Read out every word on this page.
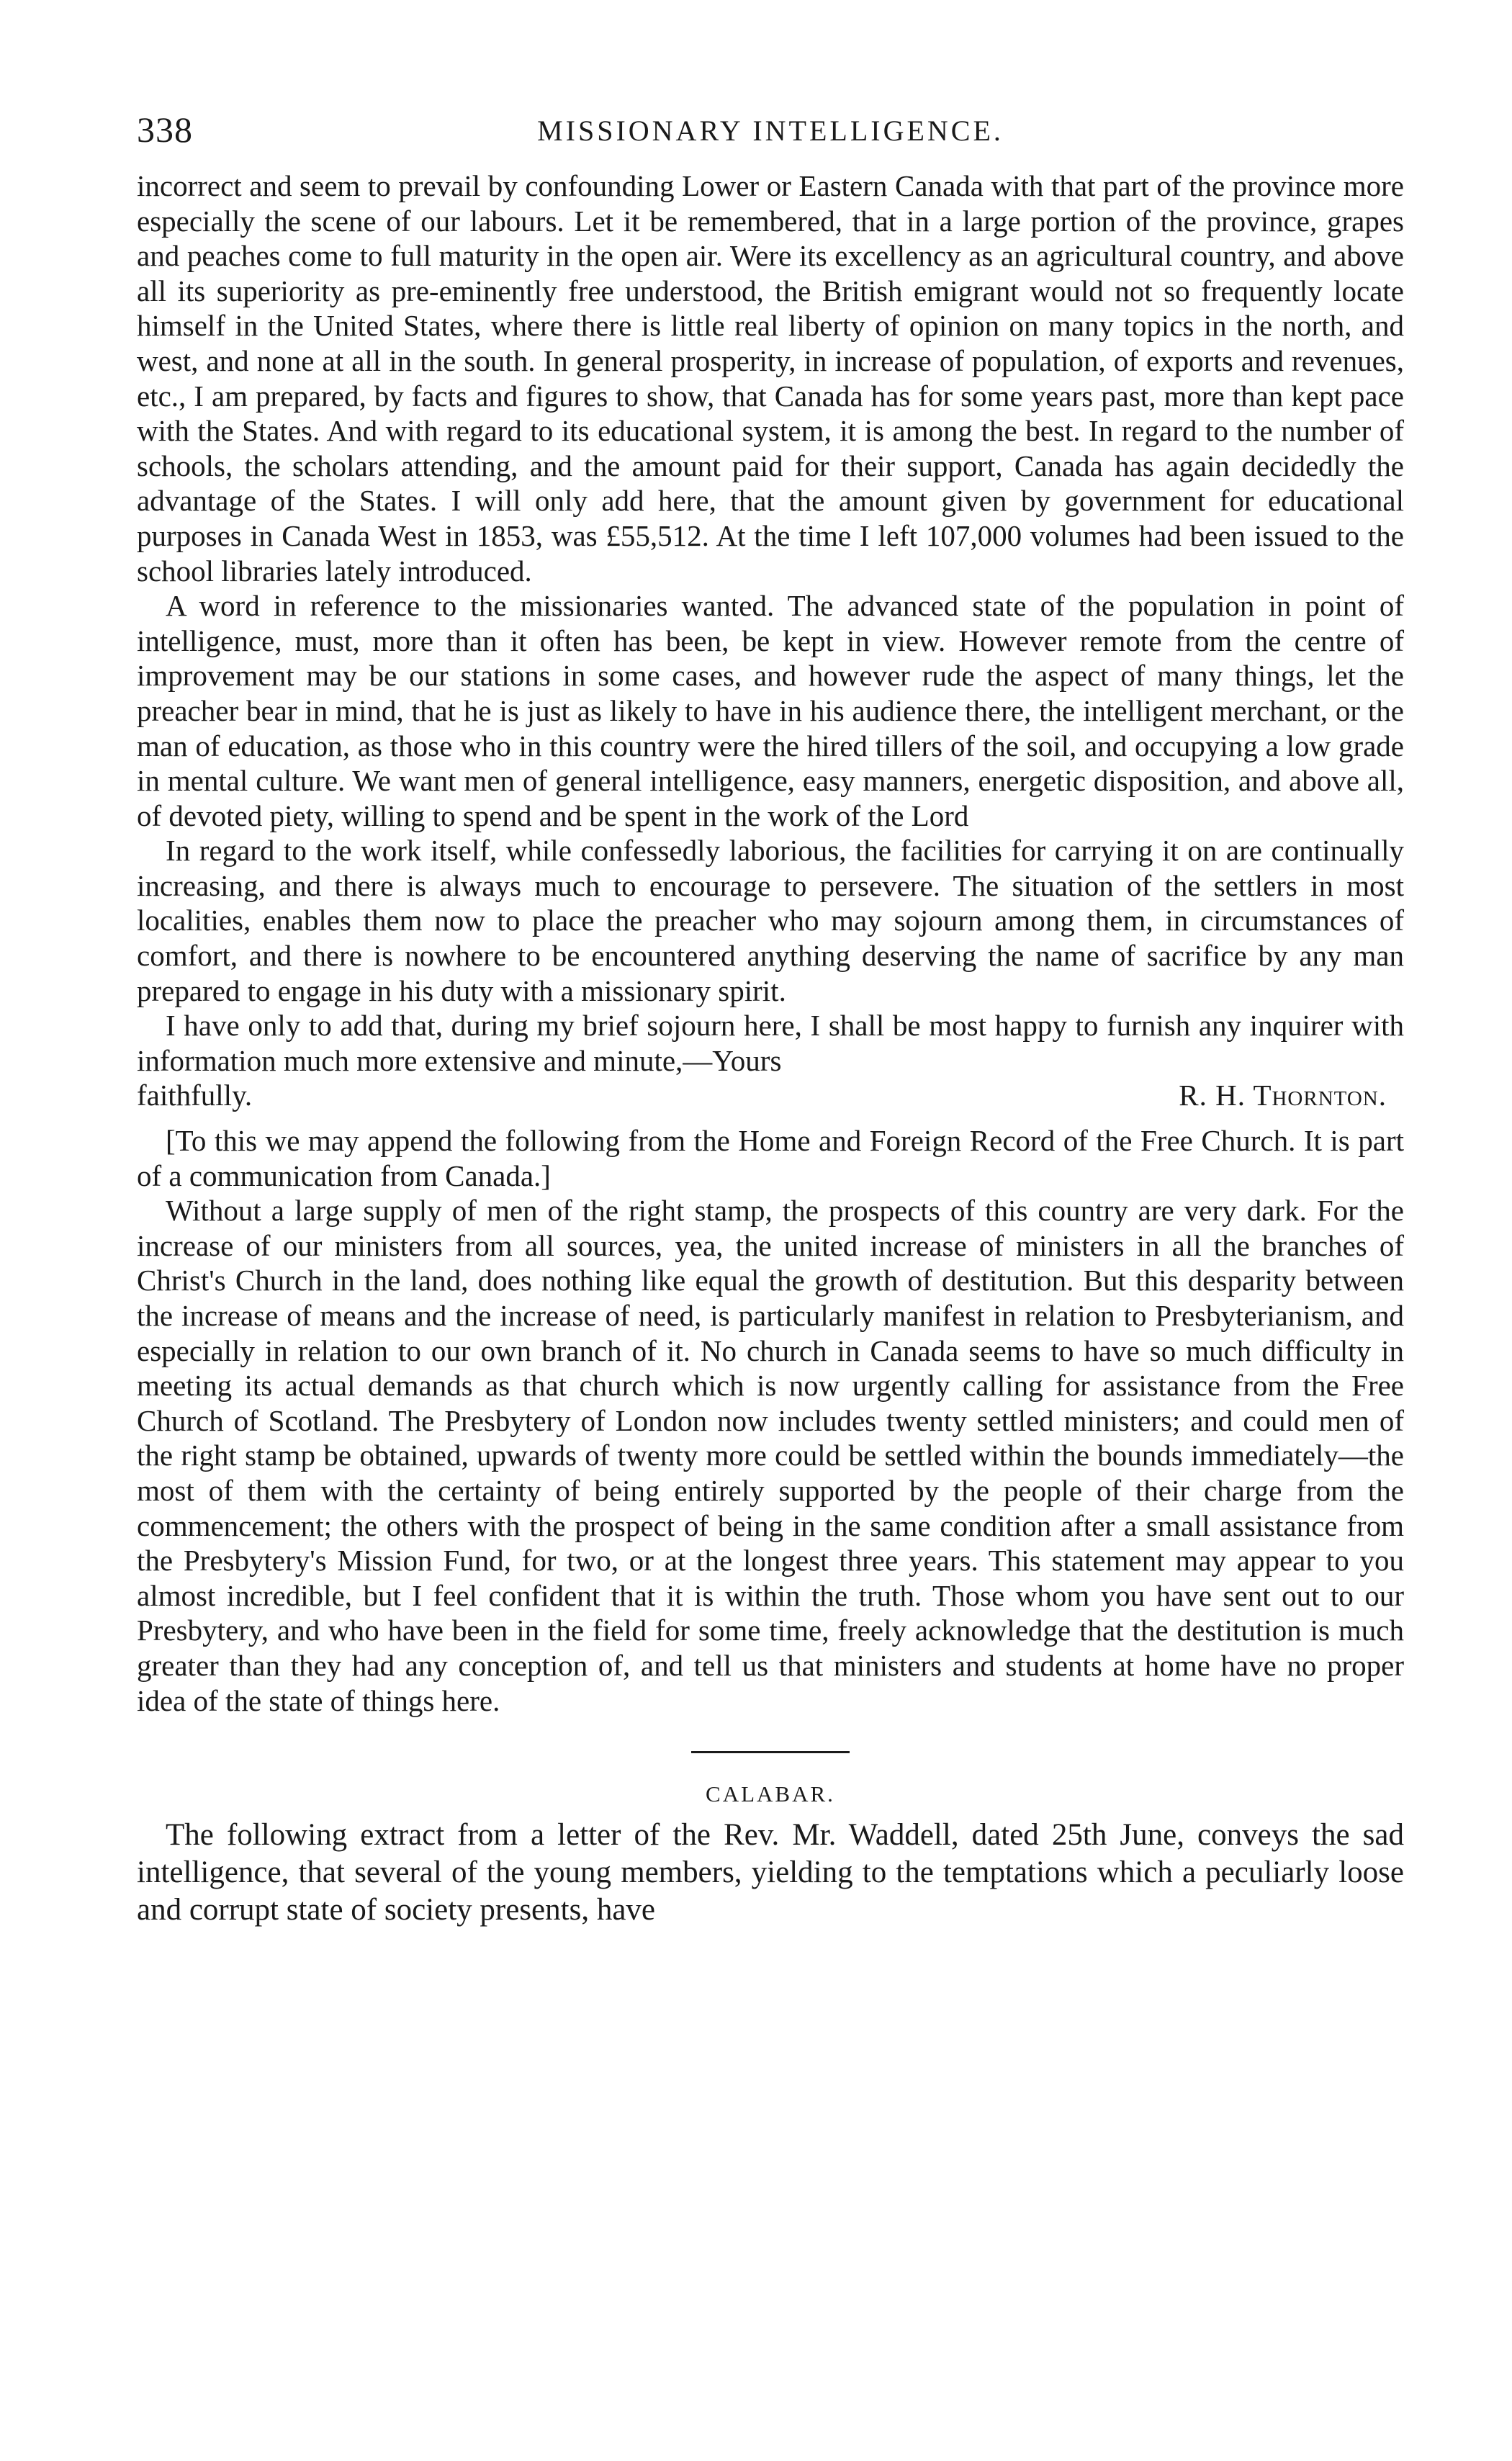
338	MISSIONARY INTELLIGENCE.

incorrect and seem to prevail by confounding Lower or Eastern Canada with that part of the province more especially the scene of our labours. Let it be remembered, that in a large portion of the province, grapes and peaches come to full maturity in the open air. Were its excellency as an agricultural country, and above all its superiority as pre-eminently free understood, the British emigrant would not so frequently locate himself in the United States, where there is little real liberty of opinion on many topics in the north, and west, and none at all in the south. In general prosperity, in increase of population, of exports and revenues, etc., I am prepared, by facts and figures to show, that Canada has for some years past, more than kept pace with the States. And with regard to its educational system, it is among the best. In regard to the number of schools, the scholars attending, and the amount paid for their support, Canada has again decidedly the advantage of the States. I will only add here, that the amount given by government for educational purposes in Canada West in 1853, was £55,512. At the time I left 107,000 volumes had been issued to the school libraries lately introduced.

A word in reference to the missionaries wanted. The advanced state of the population in point of intelligence, must, more than it often has been, be kept in view. However remote from the centre of improvement may be our stations in some cases, and however rude the aspect of many things, let the preacher bear in mind, that he is just as likely to have in his audience there, the intelligent merchant, or the man of education, as those who in this country were the hired tillers of the soil, and occupying a low grade in mental culture. We want men of general intelligence, easy manners, energetic disposition, and above all, of devoted piety, willing to spend and be spent in the work of the Lord

In regard to the work itself, while confessedly laborious, the facilities for carrying it on are continually increasing, and there is always much to encourage to persevere. The situation of the settlers in most localities, enables them now to place the preacher who may sojourn among them, in circumstances of comfort, and there is nowhere to be encountered anything deserving the name of sacrifice by any man prepared to engage in his duty with a missionary spirit.

I have only to add that, during my brief sojourn here, I shall be most happy to furnish any inquirer with information much more extensive and minute,—Yours

faithfully.	R. H. Thornton.

[To this we may append the following from the Home and Foreign Record of the Free Church. It is part of a communication from Canada.]

Without a large supply of men of the right stamp, the prospects of this country are very dark. For the increase of our ministers from all sources, yea, the united increase of ministers in all the branches of Christ's Church in the land, does nothing like equal the growth of destitution. But this desparity between the increase of means and the increase of need, is particularly manifest in relation to Presbyterianism, and especially in relation to our own branch of it. No church in Canada seems to have so much difficulty in meeting its actual demands as that church which is now urgently calling for assistance from the Free Church of Scotland. The Presbytery of London now includes twenty settled ministers; and could men of the right stamp be obtained, upwards of twenty more could be settled within the bounds immediately—the most of them with the certainty of being entirely supported by the people of their charge from the commencement; the others with the prospect of being in the same condition after a small assistance from the Presbytery's Mission Fund, for two, or at the longest three years. This statement may appear to you almost incredible, but I feel confident that it is within the truth. Those whom you have sent out to our Presbytery, and who have been in the field for some time, freely acknowledge that the destitution is much greater than they had any conception of, and tell us that ministers and students at home have no proper idea of the state of things here.

CALABAR.

The following extract from a letter of the Rev. Mr. Waddell, dated 25th June, conveys the sad intelligence, that several of the young members, yielding to the temptations which a peculiarly loose and corrupt state of society presents, have
